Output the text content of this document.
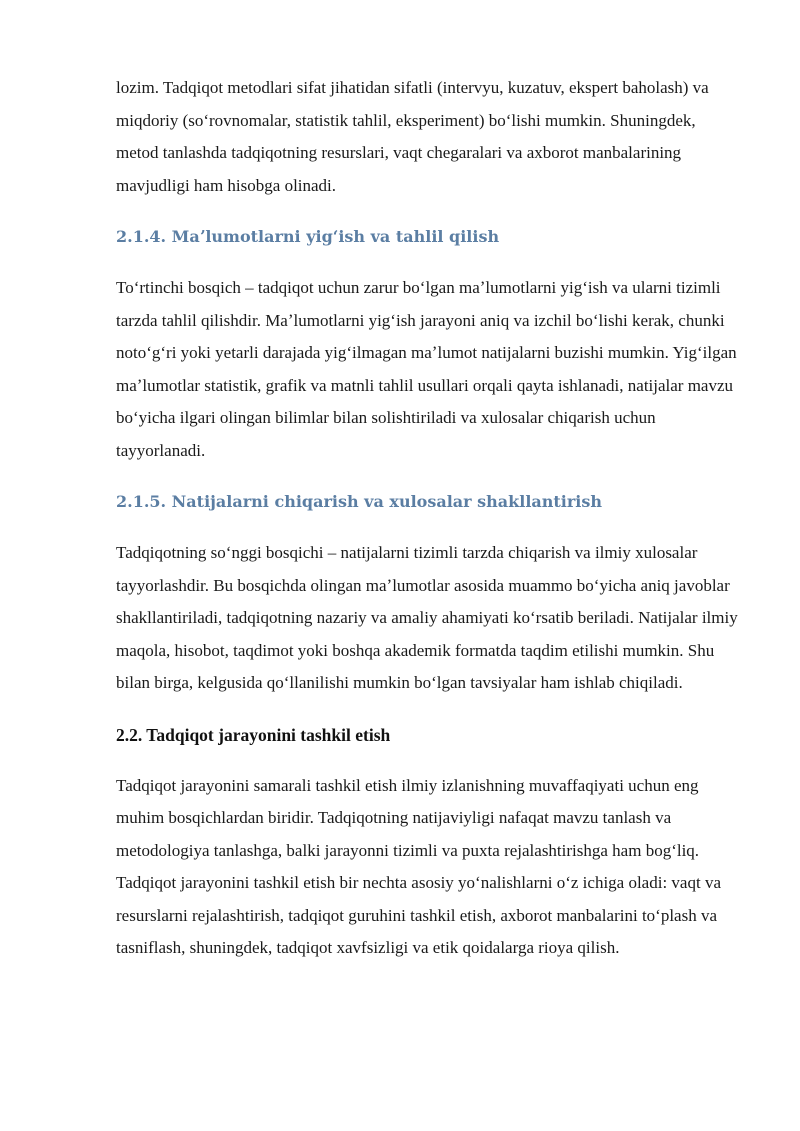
lozim. Tadqiqot metodlari sifat jihatidan sifatli (intervyu, kuzatuv, ekspert baholash) va miqdoriy (soʻrovnomalar, statistik tahlil, eksperiment) boʻlishi mumkin. Shuningdek, metod tanlashda tadqiqotning resurslari, vaqt chegaralari va axborot manbalarining mavjudligi ham hisobga olinadi.

2.1.4. Maʼlumotlarni yigʻish va tahlil qilish

Toʻrtinchi bosqich – tadqiqot uchun zarur boʻlgan maʼlumotlarni yigʻish va ularni tizimli tarzda tahlil qilishdir. Maʼlumotlarni yigʻish jarayoni aniq va izchil boʻlishi kerak, chunki notoʻgʻri yoki yetarli darajada yigʻilmagan maʼlumot natijalarni buzishi mumkin. Yigʻilgan maʼlumotlar statistik, grafik va matnli tahlil usullari orqali qayta ishlanadi, natijalar mavzu boʻyicha ilgari olingan bilimlar bilan solishtiriladi va xulosalar chiqarish uchun tayyorlanadi.

2.1.5. Natijalarni chiqarish va xulosalar shakllantirish

Tadqiqotning soʻnggi bosqichi – natijalarni tizimli tarzda chiqarish va ilmiy xulosalar tayyorlashdir. Bu bosqichda olingan maʼlumotlar asosida muammo boʻyicha aniq javoblar shakllantiriladi, tadqiqotning nazariy va amaliy ahamiyati koʻrsatib beriladi. Natijalar ilmiy maqola, hisobot, taqdimot yoki boshqa akademik formatda taqdim etilishi mumkin. Shu bilan birga, kelgusida qoʻllanilishi mumkin boʻlgan tavsiyalar ham ishlab chiqiladi.

2.2. Tadqiqot jarayonini tashkil etish

Tadqiqot jarayonini samarali tashkil etish ilmiy izlanishning muvaffaqiyati uchun eng muhim bosqichlardan biridir. Tadqiqotning natijaviyligi nafaqat mavzu tanlash va metodologiya tanlashga, balki jarayonni tizimli va puxta rejalashtirishga ham bogʻliq. Tadqiqot jarayonini tashkil etish bir nechta asosiy yoʻnalishlarni oʻz ichiga oladi: vaqt va resurslarni rejalashtirish, tadqiqot guruhini tashkil etish, axborot manbalarini toʻplash va tasniflash, shuningdek, tadqiqot xavfsizligi va etik qoidalarga rioya qilish.
